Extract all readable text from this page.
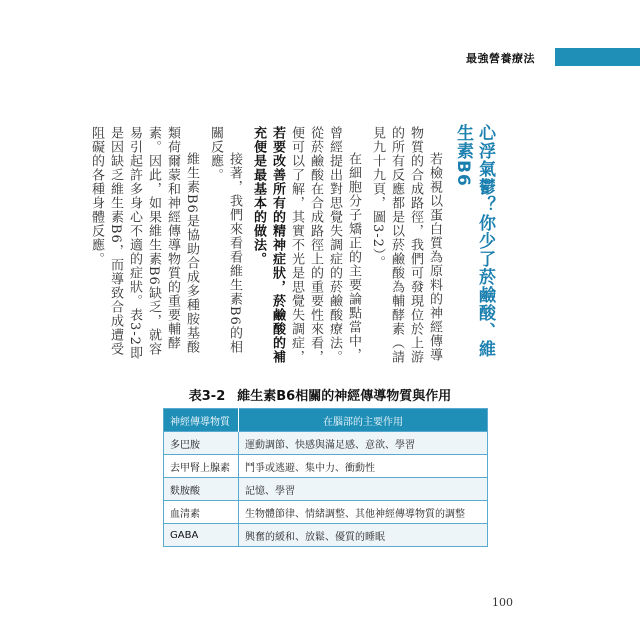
最強營養療法
心浮氣鬱？你少了菸鹼酸、維生素B6

若檢視以蛋白質為原料的神經傳導物質的合成路徑，我們可發現位於上游的所有反應都是以菸鹼酸為輔酵素（請見九十九頁，圖3-2）。

在細胞分子矯正的主要論點當中，曾經提出對思覺失調症的菸鹼酸療法。從菸鹼酸在合成路徑上的重要性來看，便可以了解，其實不光是思覺失調症，若要改善所有的精神症狀，菸鹼酸的補充便是最基本的做法。

接著，我們來看看維生素B6的相關反應。

維生素B6是協助合成多種胺基酸類荷爾蒙和神經傳導物質的重要輔酵素。因此，如果維生素B6缺乏，就容易引起許多身心不適的症狀。表3-2即是因缺乏維生素B6，而導致合成遭受阻礙的各種身體反應。

表3-2 維生素B6相關的神經傳導物質與作用
神經傳導物質	在腦部的主要作用
多巴胺	運動調節、快感與滿足感、意欲、學習
去甲腎上腺素	鬥爭或逃避、集中力、衝動性
麩胺酸	記憶、學習
血清素	生物體節律、情緒調整、其他神經傳導物質的調整
GABA	興奮的緩和、放鬆、優質的睡眠
100
